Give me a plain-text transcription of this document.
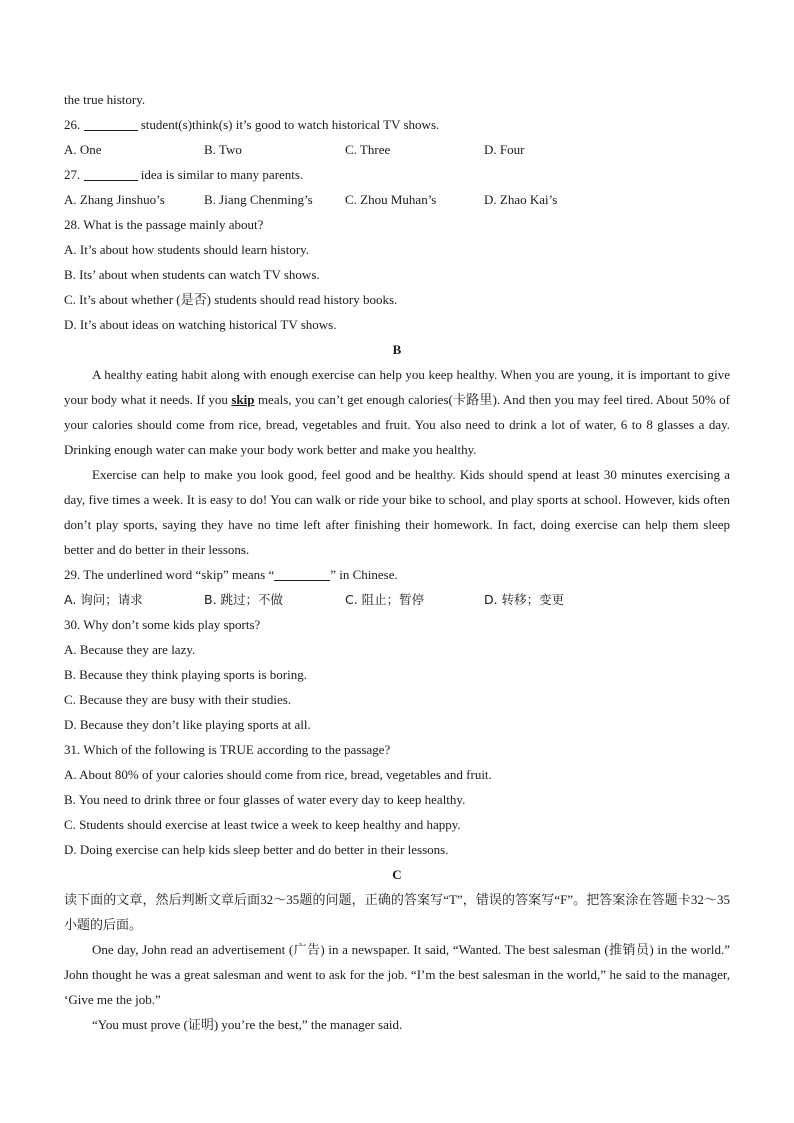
the true history.
26.	student(s)think(s) it’s good to watch historical TV shows.
A. One	B. Two	C. Three	D. Four
27.	idea is similar to many parents.
A. Zhang Jinshuo’s	B. Jiang Chenming’s	C. Zhou Muhan’s	D. Zhao Kai’s
28. What is the passage mainly about?
A. It’s about how students should learn history.
B. Its’ about when students can watch TV shows.
C. It’s about whether (是否) students should read history books.
D. It’s about ideas on watching historical TV shows.
B
A healthy eating habit along with enough exercise can help you keep healthy. When you are young, it is important to give your body what it needs. If you skip meals, you can’t get enough calories(卡路里). And then you may feel tired. About 50% of your calories should come from rice, bread, vegetables and fruit. You also need to drink a lot of water, 6 to 8 glasses a day. Drinking enough water can make your body work better and make you healthy.
Exercise can help to make you look good, feel good and be healthy. Kids should spend at least 30 minutes exercising a day, five times a week. It is easy to do! You can walk or ride your bike to school, and play sports at school. However, kids often don’t play sports, saying they have no time left after finishing their homework. In fact, doing exercise can help them sleep better and do better in their lessons.
29. The underlined word “skip” means “	” in Chinese.
A. 询问；请求	B. 跳过；不做	C. 阻止；暂停	D. 转移；变更
30. Why don’t some kids play sports?
A. Because they are lazy.
B. Because they think playing sports is boring.
C. Because they are busy with their studies.
D. Because they don’t like playing sports at all.
31. Which of the following is TRUE according to the passage?
A. About 80% of your calories should come from rice, bread, vegetables and fruit.
B. You need to drink three or four glasses of water every day to keep healthy.
C. Students should exercise at least twice a week to keep healthy and happy.
D. Doing exercise can help kids sleep better and do better in their lessons.
C
读下面的文章，然后判断文章后面32～35题的问题，正确的答案写“T”，错误的答案写“F”。把答案涂在答题卡32～35小题的后面。
One day, John read an advertisement (广告) in a newspaper. It said, “Wanted. The best salesman (推销员) in the world.” John thought he was a great salesman and went to ask for the job. “I’m the best salesman in the world,” he said to the manager, ‘Give me the job.”
“You must prove (证明) you’re the best,” the manager said.
